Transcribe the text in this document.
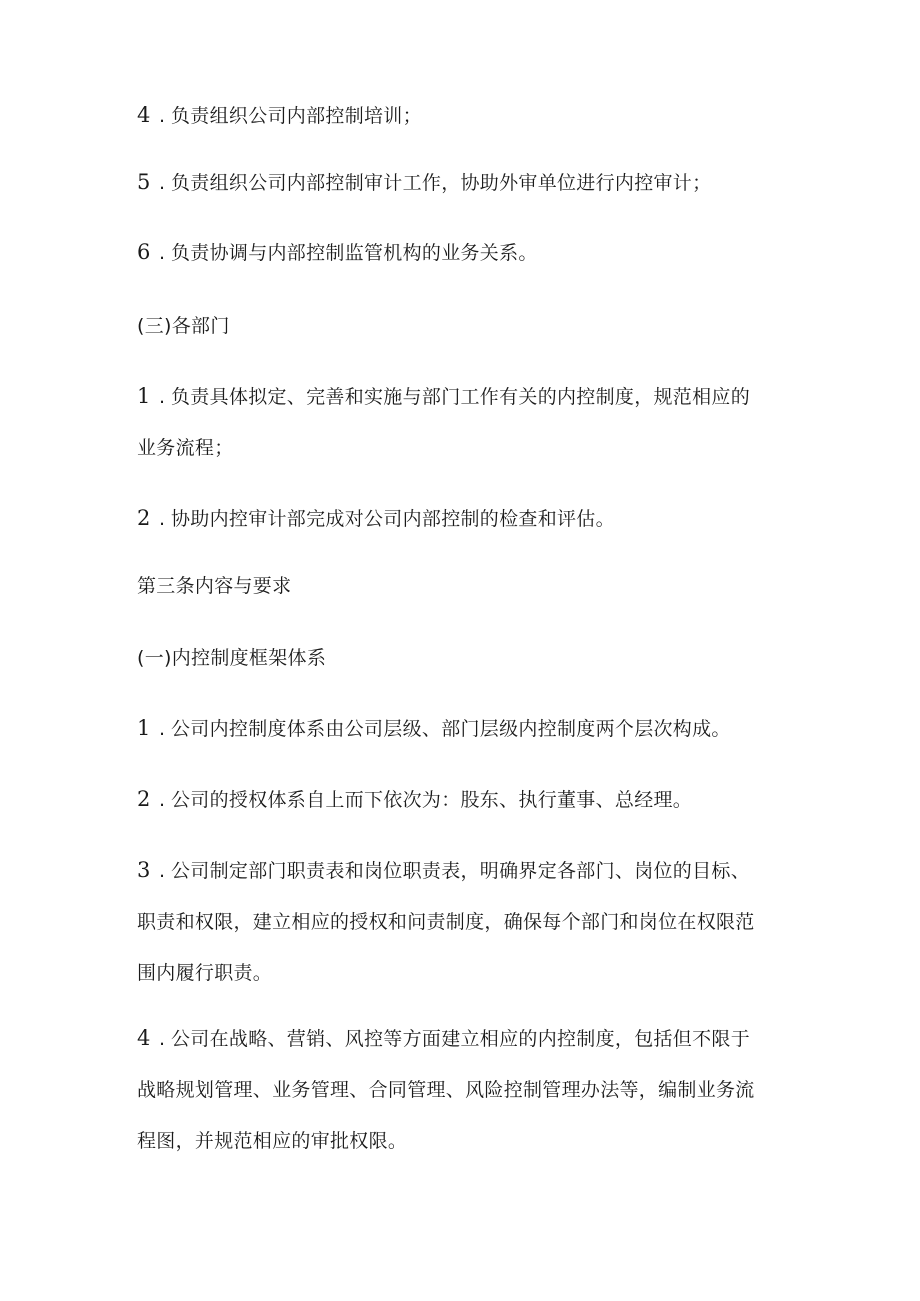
4 . 负责组织公司内部控制培训；
5 . 负责组织公司内部控制审计工作，协助外审单位进行内控审计；
6 . 负责协调与内部控制监管机构的业务关系。
(三)各部门
1 . 负责具体拟定、完善和实施与部门工作有关的内控制度，规范相应的
业务流程；
2 . 协助内控审计部完成对公司内部控制的检查和评估。
第三条内容与要求
(一)内控制度框架体系
1 . 公司内控制度体系由公司层级、部门层级内控制度两个层次构成。
2 . 公司的授权体系自上而下依次为：股东、执行董事、总经理。
3 . 公司制定部门职责表和岗位职责表，明确界定各部门、岗位的目标、
职责和权限，建立相应的授权和问责制度，确保每个部门和岗位在权限范
围内履行职责。
4 . 公司在战略、营销、风控等方面建立相应的内控制度，包括但不限于
战略规划管理、业务管理、合同管理、风险控制管理办法等，编制业务流
程图，并规范相应的审批权限。
